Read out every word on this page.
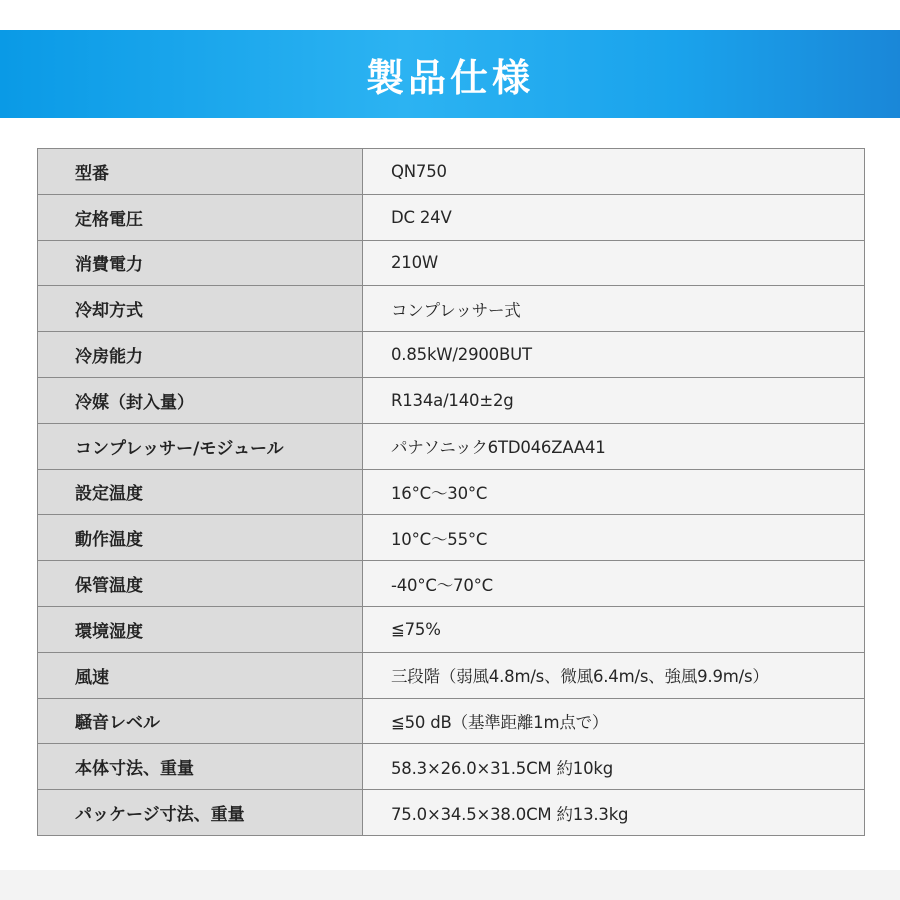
製品仕様
型番	QN750
定格電圧	DC 24V
消費電力	210W
冷却方式	コンプレッサー式
冷房能力	0.85kW/2900BUT
冷媒（封入量）	R134a/140±2g
コンプレッサー/モジュール	パナソニック6TD046ZAA41
設定温度	16°C〜30°C
動作温度	10°C〜55°C
保管温度	-40°C〜70°C
環境湿度	≦75%
風速	三段階（弱風4.8m/s、微風6.4m/s、強風9.9m/s）
騒音レベル	≦50 dB（基準距離1m点で）
本体寸法、重量	58.3×26.0×31.5CM 約10kg
パッケージ寸法、重量	75.0×34.5×38.0CM 約13.3kg
